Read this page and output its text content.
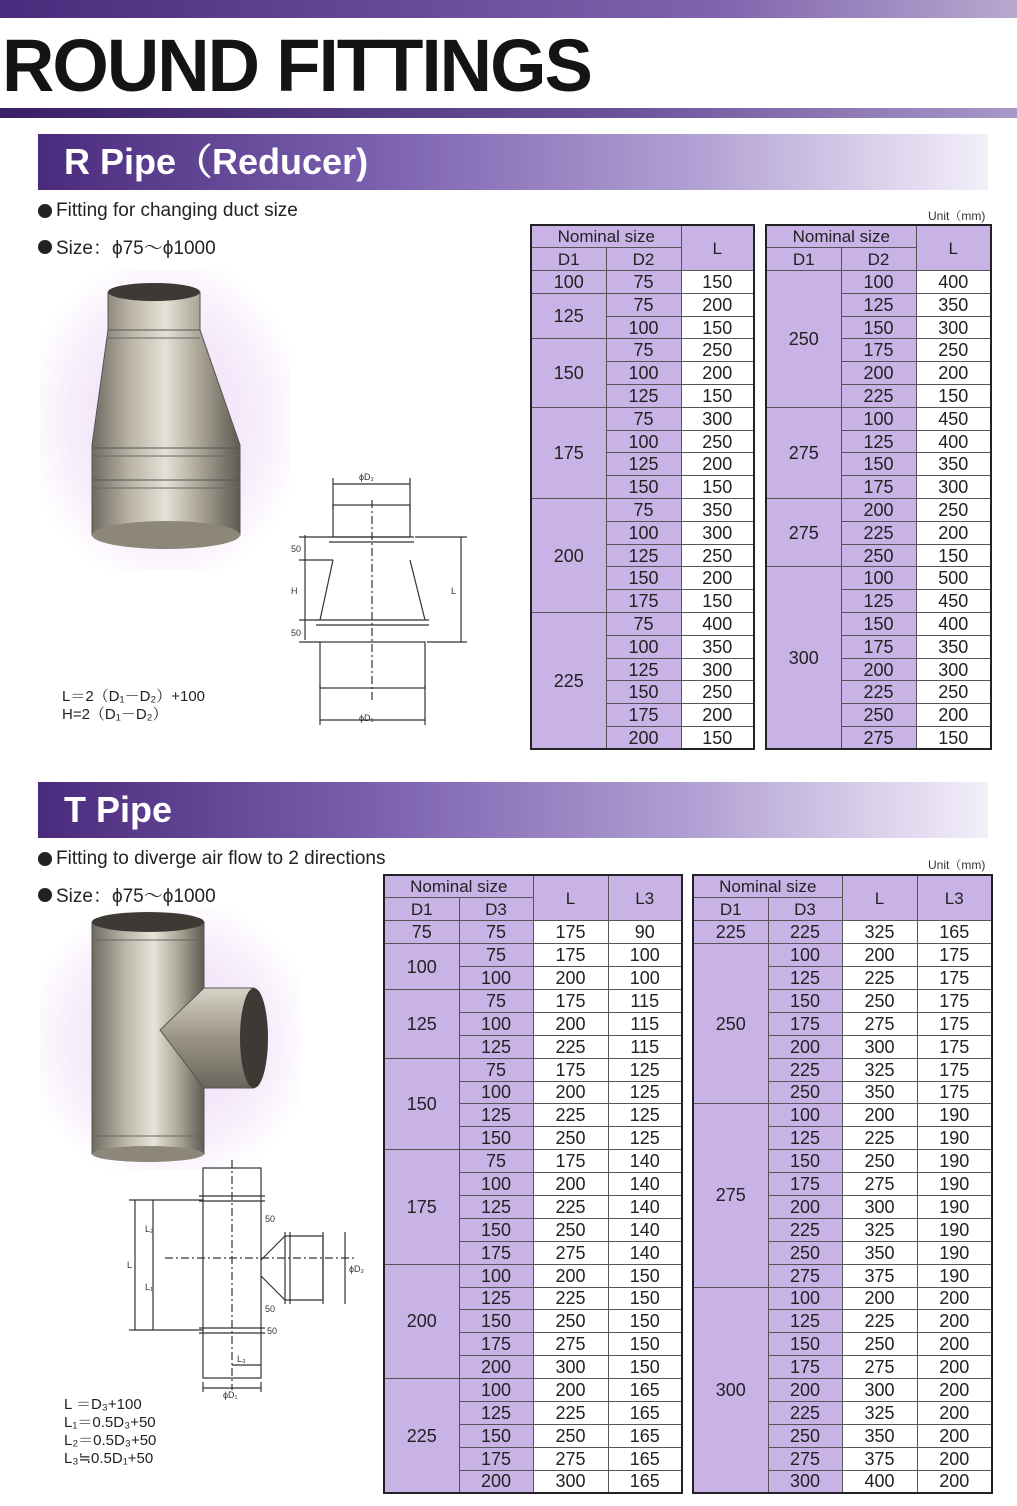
ROUND FITTINGS
R Pipe（Reducer)
Fitting for changing duct size
Size：ϕ75～ϕ1000
Unit（mm)
ϕD₂
ϕD₁
50
H
50
L
L＝2（D₁－D₂）+100
H=2（D₁－D₂）
Nominal size		L
D1	D2	
100	75	150
125	75	200
	100	150
150	75	250
	100	200
	125	150
175	75	300
	100	250
	125	200
	150	150
200	75	350
	100	300
	125	250
	150	200
	175	150
225	75	400
	100	350
	125	300
	150	250
	175	200
	200	150
Nominal size		L
D1	D2	
250	100	400
	125	350
	150	300
	175	250
	200	200
	225	150
275	100	450
	125	400
	150	350
	175	300
275	200	250
	225	200
	250	150
300	100	500
	125	450
	150	400
	175	350
	200	300
	225	250
	250	200
	275	150
T Pipe
Fitting to diverge air flow to 2 directions
Size：ϕ75～ϕ1000
Unit（mm)
ϕD₁
ϕD₂
L
L₁
L₂
L₃
50
50
50
L ＝D₃+100
L₁＝0.5D₃+50
L₂＝0.5D₃+50
L₃≒0.5D₁+50
Nominal size		L	L3
D1	D3		
75	75	175	90
100	75	175	100
	100	200	100
125	75	175	115
	100	200	115
	125	225	115
150	75	175	125
	100	200	125
	125	225	125
	150	250	125
175	75	175	140
	100	200	140
	125	225	140
	150	250	140
	175	275	140
200	100	200	150
	125	225	150
	150	250	150
	175	275	150
	200	300	150
225	100	200	165
	125	225	165
	150	250	165
	175	275	165
	200	300	165
Nominal size		L	L3
D1	D3		
225	225	325	165
250	100	200	175
	125	225	175
	150	250	175
	175	275	175
	200	300	175
	225	325	175
	250	350	175
275	100	200	190
	125	225	190
	150	250	190
	175	275	190
	200	300	190
	225	325	190
	250	350	190
	275	375	190
300	100	200	200
	125	225	200
	150	250	200
	175	275	200
	200	300	200
	225	325	200
	250	350	200
	275	375	200
	300	400	200
